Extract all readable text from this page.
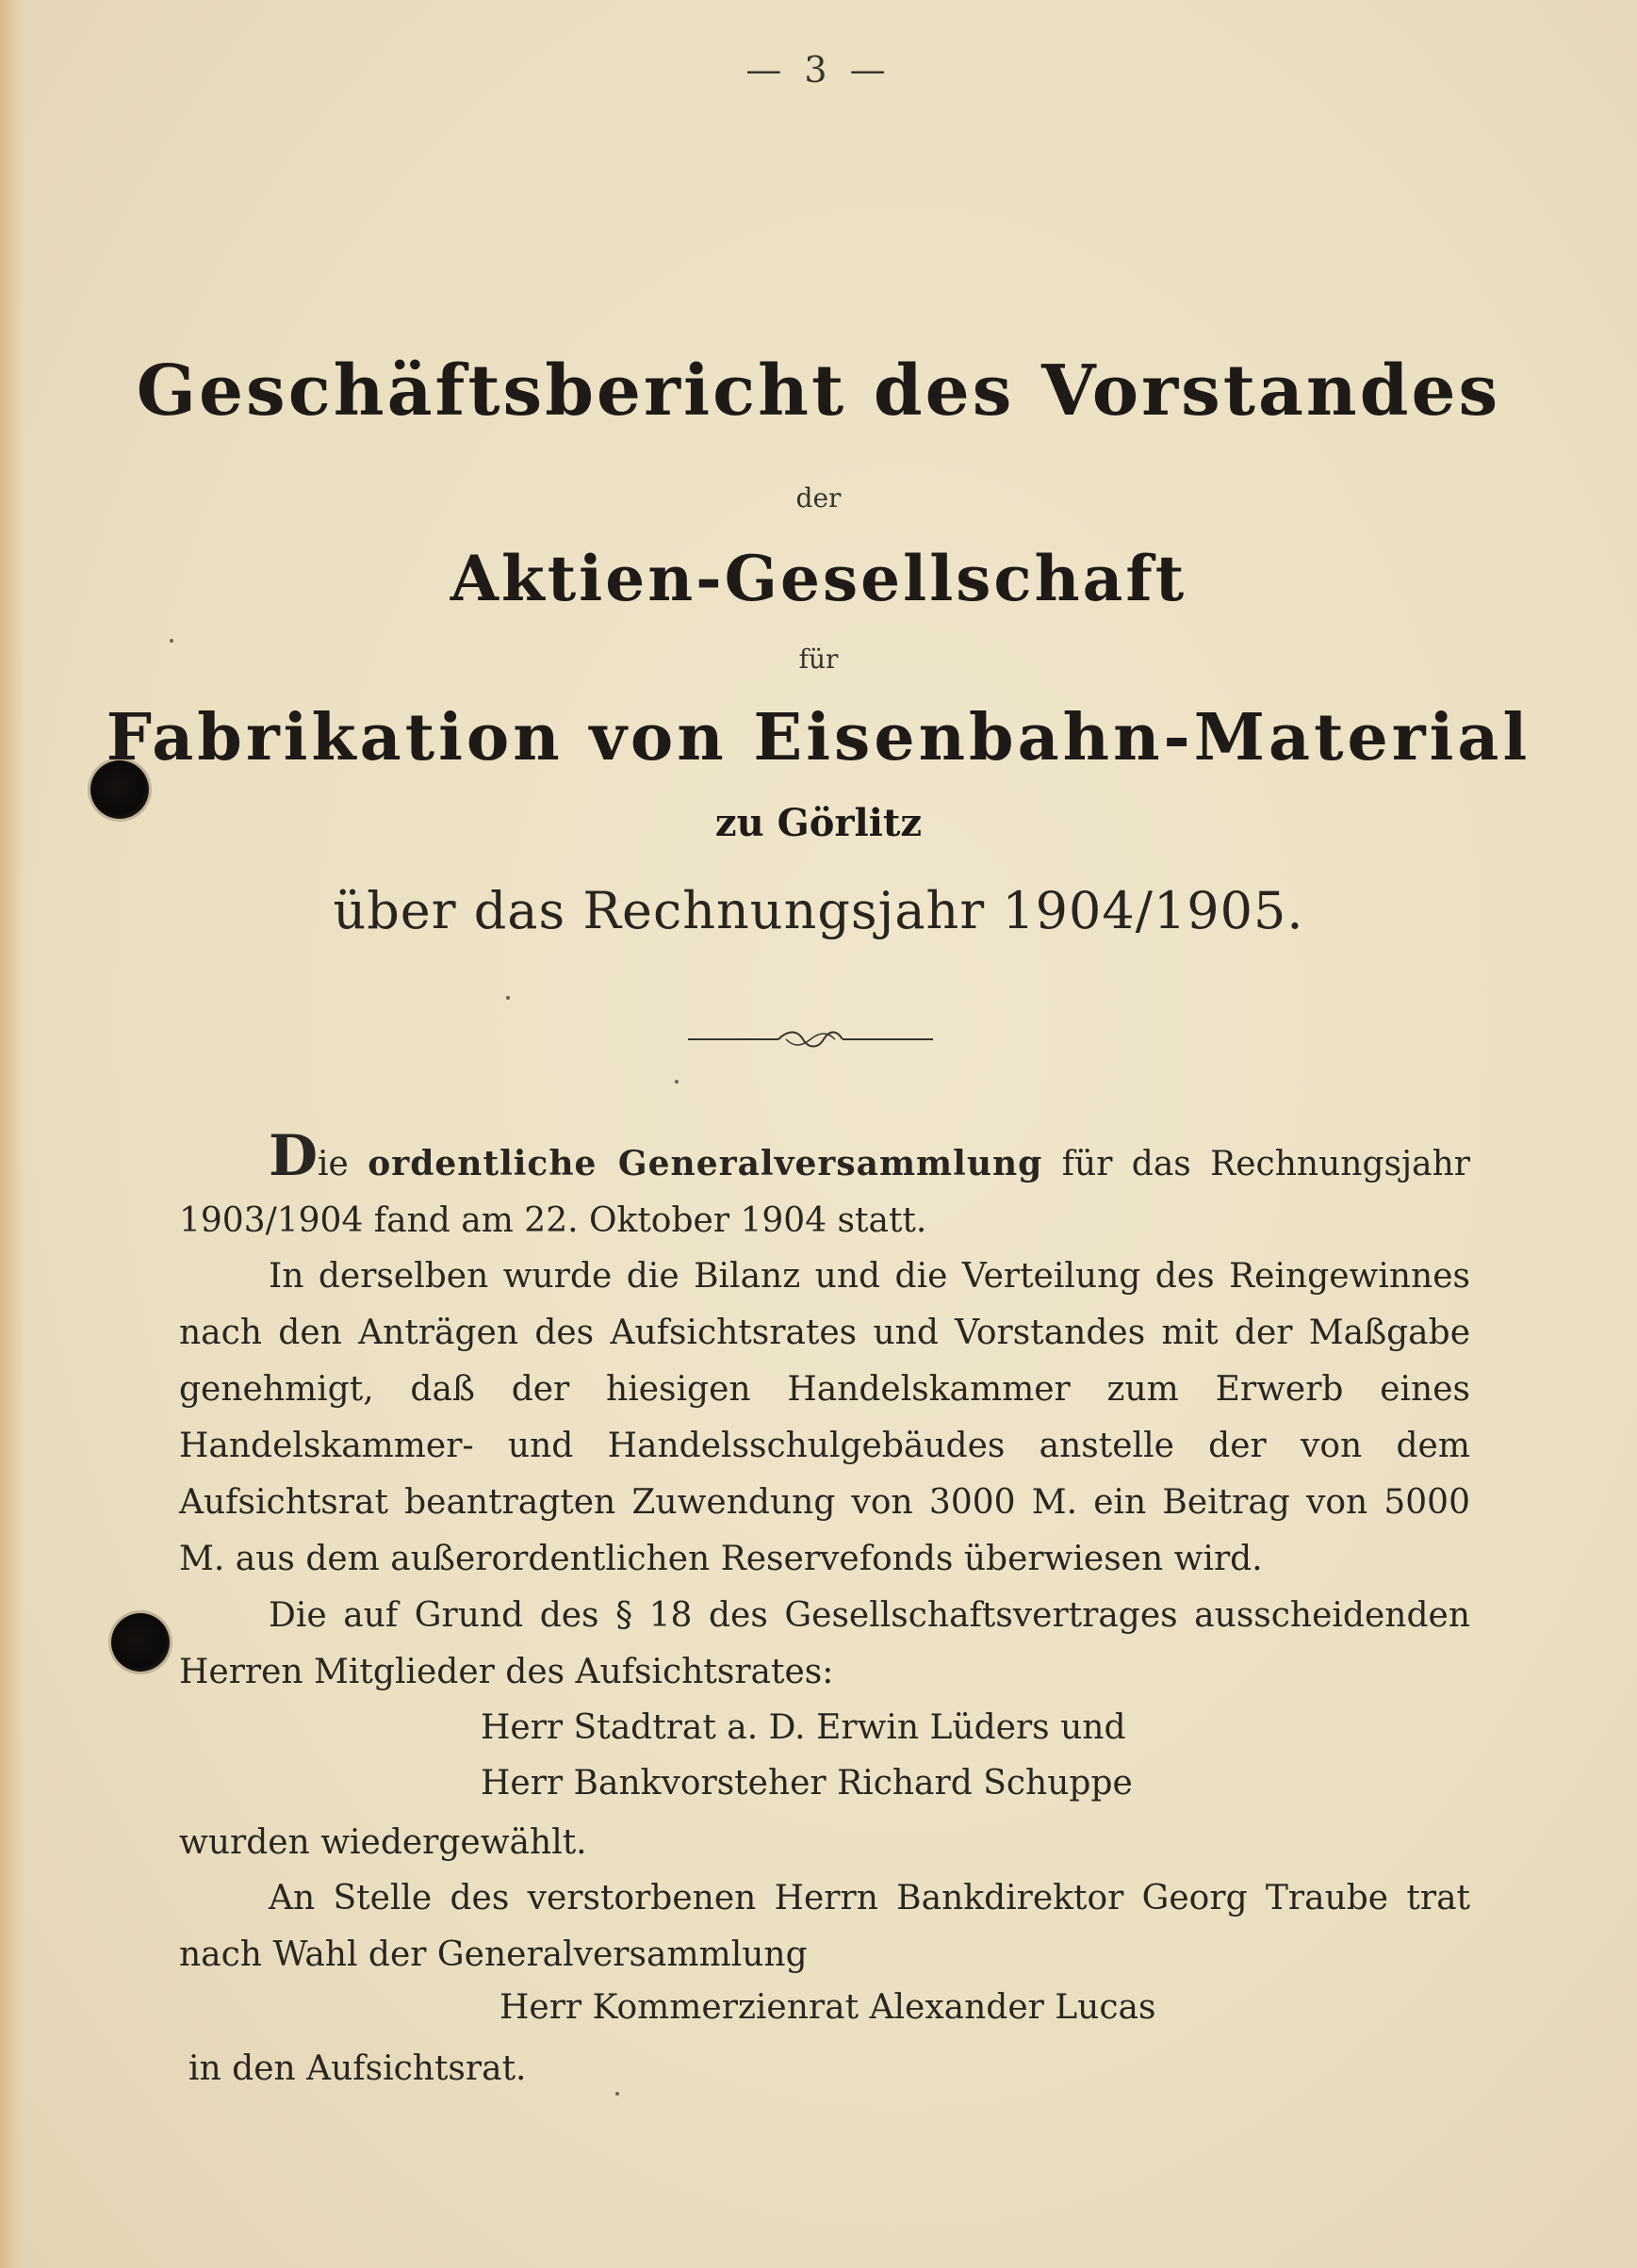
— 3 —
Geschäftsbericht des Vorstandes
der
Aktien-Gesellschaft
für
Fabrikation von Eisenbahn-Material
zu Görlitz
über das Rechnungsjahr 1904/1905.
Die ordentliche Generalversammlung für das Rechnungsjahr 1903/1904 fand am 22. Oktober 1904 statt.
In derselben wurde die Bilanz und die Verteilung des Reingewinnes nach den Anträgen des Aufsichtsrates und Vorstandes mit der Maßgabe genehmigt, daß der hiesigen Handelskammer zum Erwerb eines Handelskammer- und Handelsschulgebäudes anstelle der von dem Aufsichtsrat beantragten Zuwendung von 3000 M. ein Beitrag von 5000 M. aus dem außerordentlichen Reservefonds überwiesen wird.
Die auf Grund des § 18 des Gesellschaftsvertrages ausscheidenden Herren Mitglieder des Aufsichtsrates:
Herr Stadtrat a. D. Erwin Lüders und
Herr Bankvorsteher Richard Schuppe
wurden wiedergewählt.
An Stelle des verstorbenen Herrn Bankdirektor Georg Traube trat nach Wahl der Generalversammlung
Herr Kommerzienrat Alexander Lucas
in den Aufsichtsrat.
